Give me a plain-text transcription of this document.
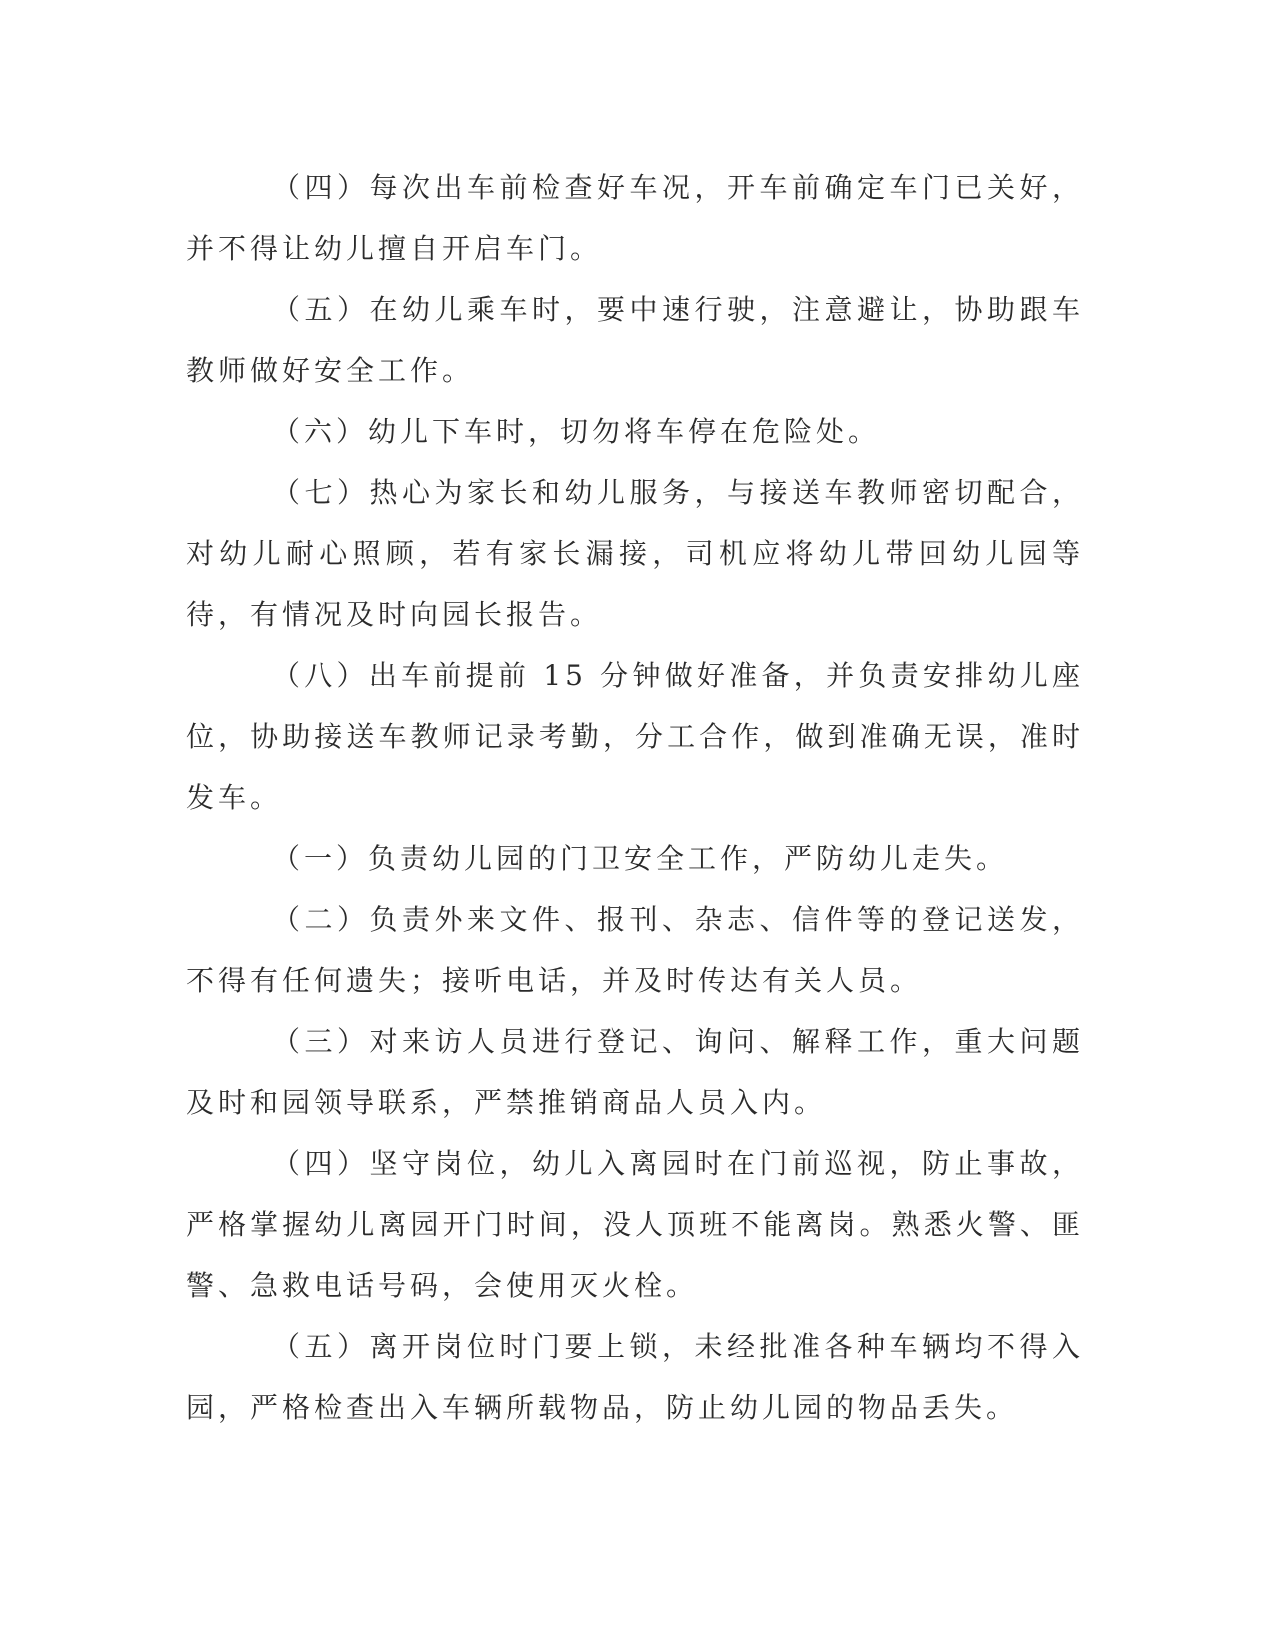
（四）每次出车前检查好车况，开车前确定车门已关好，并不得让幼儿擅自开启车门。

（五）在幼儿乘车时，要中速行驶，注意避让，协助跟车教师做好安全工作。

（六）幼儿下车时，切勿将车停在危险处。

（七）热心为家长和幼儿服务，与接送车教师密切配合，对幼儿耐心照顾，若有家长漏接，司机应将幼儿带回幼儿园等待，有情况及时向园长报告。

（八）出车前提前 15 分钟做好准备，并负责安排幼儿座位，协助接送车教师记录考勤，分工合作，做到准确无误，准时发车。

（一）负责幼儿园的门卫安全工作，严防幼儿走失。

（二）负责外来文件、报刊、杂志、信件等的登记送发，不得有任何遗失；接听电话，并及时传达有关人员。

（三）对来访人员进行登记、询问、解释工作，重大问题及时和园领导联系，严禁推销商品人员入内。

（四）坚守岗位，幼儿入离园时在门前巡视，防止事故，严格掌握幼儿离园开门时间，没人顶班不能离岗。熟悉火警、匪警、急救电话号码，会使用灭火栓。

（五）离开岗位时门要上锁，未经批准各种车辆均不得入园，严格检查出入车辆所载物品，防止幼儿园的物品丢失。
